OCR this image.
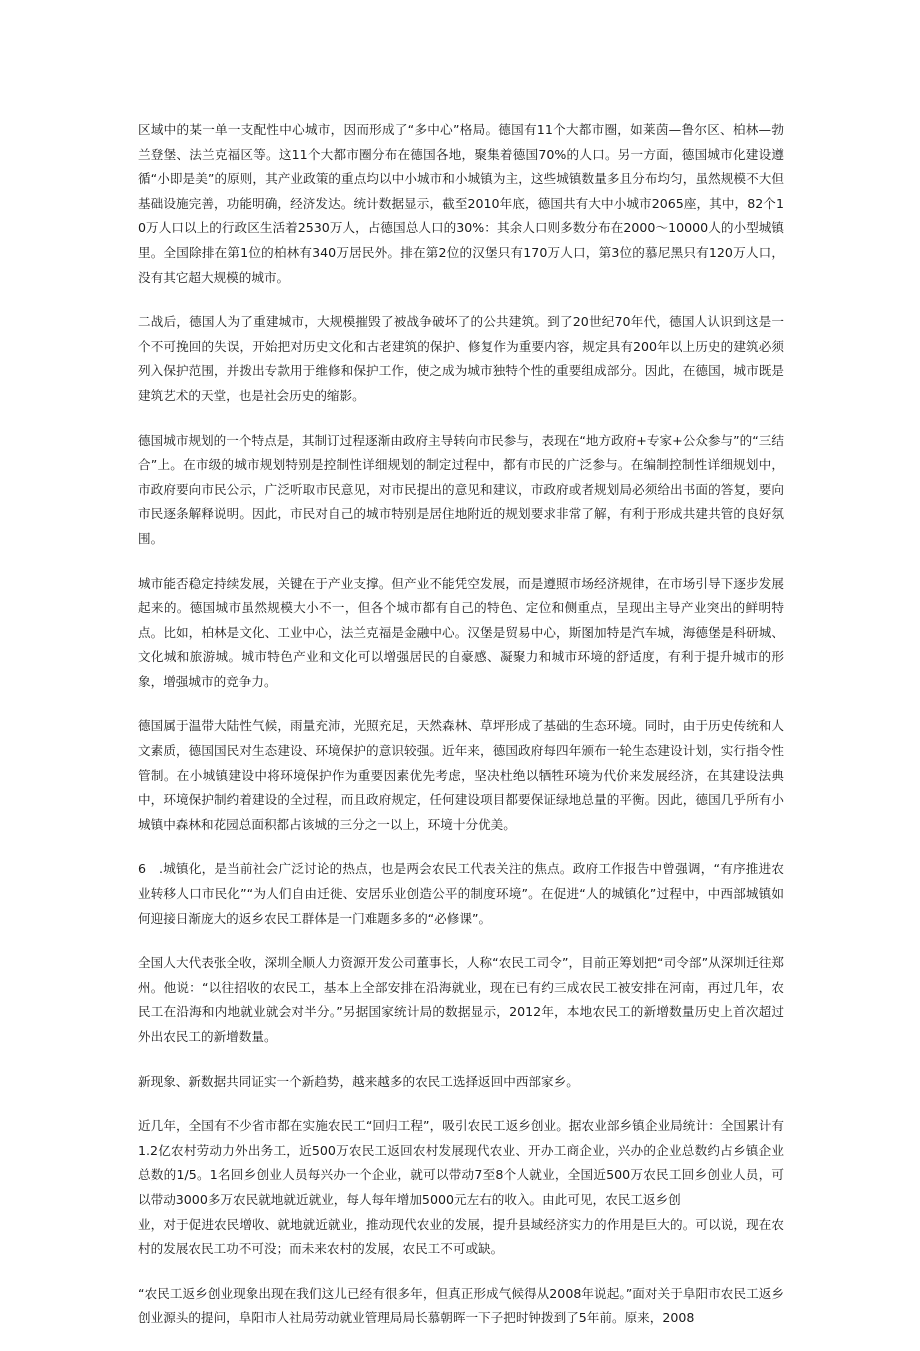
区域中的某一单一支配性中心城市，因而形成了“多中心”格局。德国有11个大都市圈，如莱茵—鲁尔区、柏林—勃兰登堡、法兰克福区等。这11个大都市圈分布在德国各地，聚集着德国70%的人口。另一方面，德国城市化建设遵循“小即是美”的原则，其产业政策的重点均以中小城市和小城镇为主，这些城镇数量多且分布均匀，虽然规模不大但基础设施完善，功能明确，经济发达。统计数据显示，截至2010年底，德国共有大中小城市2065座，其中，82个10万人口以上的行政区生活着2530万人，占德国总人口的30%：其余人口则多数分布在2000〜10000人的小型城镇里。全国除排在第1位的柏林有340万居民外。排在第2位的汉堡只有170万人口，第3位的慕尼黑只有120万人口，没有其它超大规模的城市。

二战后，德国人为了重建城市，大规模摧毁了被战争破坏了的公共建筑。到了20世纪70年代，德国人认识到这是一个不可挽回的失误，开始把对历史文化和古老建筑的保护、修复作为重要内容，规定具有200年以上历史的建筑必须列入保护范围，并拨出专款用于维修和保护工作，使之成为城市独特个性的重要组成部分。因此，在德国，城市既是建筑艺术的天堂，也是社会历史的缩影。

德国城市规划的一个特点是，其制订过程逐渐由政府主导转向市民参与，表现在“地方政府+专家+公众参与”的“三结合”上。在市级的城市规划特别是控制性详细规划的制定过程中，都有市民的广泛参与。在编制控制性详细规划中，市政府要向市民公示，广泛听取市民意见，对市民提出的意见和建议，市政府或者规划局必须给出书面的答复，要向市民逐条解释说明。因此，市民对自己的城市特别是居住地附近的规划要求非常了解，有利于形成共建共管的良好氛围。

城市能否稳定持续发展，关键在于产业支撑。但产业不能凭空发展，而是遵照市场经济规律，在市场引导下逐步发展起来的。德国城市虽然规模大小不一，但各个城市都有自己的特色、定位和侧重点，呈现出主导产业突出的鲜明特点。比如，柏林是文化、工业中心，法兰克福是金融中心。汉堡是贸易中心，斯图加特是汽车城，海德堡是科研城、文化城和旅游城。城市特色产业和文化可以增强居民的自豪感、凝聚力和城市环境的舒适度，有利于提升城市的形象，增强城市的竞争力。

德国属于温带大陆性气候，雨量充沛，光照充足，天然森林、草坪形成了基础的生态环境。同时，由于历史传统和人文素质，德国国民对生态建设、环境保护的意识较强。近年来，德国政府每四年颁布一轮生态建设计划，实行指令性管制。在小城镇建设中将环境保护作为重要因素优先考虑，坚决杜绝以牺牲环境为代价来发展经济，在其建设法典中，环境保护制约着建设的全过程，而且政府规定，任何建设项目都要保证绿地总量的平衡。因此，德国几乎所有小城镇中森林和花园总面积都占该城的三分之一以上，环境十分优美。

6　.城镇化，是当前社会广泛讨论的热点，也是两会农民工代表关注的焦点。政府工作报告中曾强调，“有序推进农业转移人口市民化”“为人们自由迁徙、安居乐业创造公平的制度环境”。在促进“人的城镇化”过程中，中西部城镇如何迎接日渐庞大的返乡农民工群体是一门难题多多的“必修课”。

全国人大代表张全收，深圳全顺人力资源开发公司董事长，人称“农民工司令”，目前正筹划把“司令部”从深圳迁往郑州。他说：“以往招收的农民工，基本上全部安排在沿海就业，现在已有约三成农民工被安排在河南，再过几年，农民工在沿海和内地就业就会对半分。”另据国家统计局的数据显示，2012年，本地农民工的新增数量历史上首次超过外出农民工的新增数量。

新现象、新数据共同证实一个新趋势，越来越多的农民工选择返回中西部家乡。

近几年，全国有不少省市都在实施农民工“回归工程”，吸引农民工返乡创业。据农业部乡镇企业局统计：全国累计有1.2亿农村劳动力外出务工，近500万农民工返回农村发展现代农业、开办工商企业，兴办的企业总数约占乡镇企业总数的1/5。1名回乡创业人员每兴办一个企业，就可以带动7至8个人就业，全国近500万农民工回乡创业人员，可以带动3000多万农民就地就近就业，每人每年增加5000元左右的收入。由此可见，农民工返乡创
业，对于促进农民增收、就地就近就业，推动现代农业的发展，提升县域经济实力的作用是巨大的。可以说，现在农村的发展农民工功不可没；而未来农村的发展，农民工不可或缺。

“农民工返乡创业现象出现在我们这儿已经有很多年，但真正形成气候得从2008年说起。”面对关于阜阳市农民工返乡创业源头的提问，阜阳市人社局劳动就业管理局局长慕朝晖一下子把时钟拨到了5年前。原来，2008
